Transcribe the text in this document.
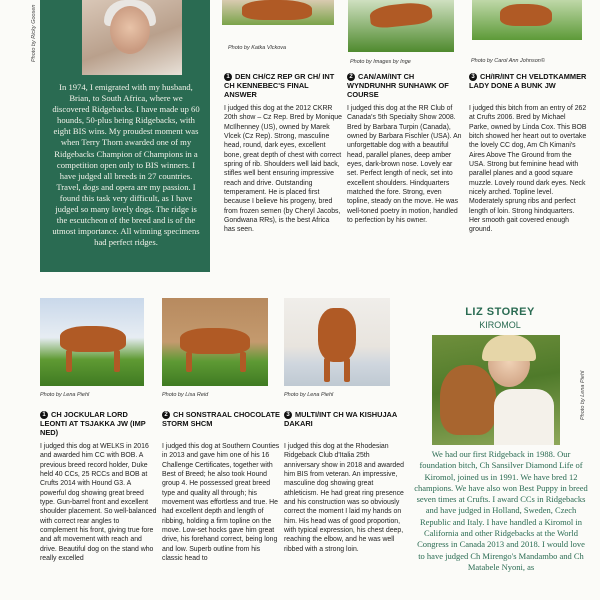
In 1974, I emigrated with my husband, Brian, to South Africa, where we discovered Ridgebacks. I have made up 60 hounds, 50-plus being Ridgebacks, with eight BIS wins. My proudest moment was when Terry Thorn awarded one of my Ridgebacks Champion of Champions in a competition open only to BIS winners. I have judged all breeds in 27 countries. Travel, dogs and opera are my passion. I found this task very difficult, as I have judged so many lovely dogs. The ridge is the escutcheon of the breed and is of the utmost importance. All winning specimens had perfect ridges.
Photo by Ricky Goosen	Photo by Katka Vlckova
1 DEN CH/CZ REP GR CH/ INT CH KENNEBEC'S FINAL ANSWER
I judged this dog at the 2012 CKRR 20th show – Cz Rep. Bred by Monique McIlhenney (US), owned by Marek Vlcek (Cz Rep). Strong, masculine head, round, dark eyes, excellent bone, great depth of chest with correct spring of rib. Shoulders well laid back, stifles well bent ensuring impressive reach and drive. Outstanding temperament. He is placed first because I believe his progeny, bred from frozen semen (by Cheryl Jacobs, Gondwana RRs), is the best Africa has seen.
Photo by Images by Inge
2 CAN/AM/INT CH WYNDRUNHR SUNHAWK OF COURSE
I judged this dog at the RR Club of Canada's 5th Specialty Show 2008. Bred by Barbara Turpin (Canada), owned by Barbara Fischler (USA). An unforgettable dog with a beautiful head, parallel planes, deep amber eyes, dark-brown nose. Lovely ear set. Perfect length of neck, set into excellent shoulders. Hindquarters matched the fore. Strong, even topline, steady on the move. He was well-toned poetry in motion, handled to perfection by his owner.
Photo by Carol Ann Johnson©
3 CH/IR/INT CH VELDTKAMMER LADY DONE A BUNK JW
I judged this bitch from an entry of 262 at Crufts 2006. Bred by Michael Parke, owned by Linda Cox. This BOB bitch showed her heart out to overtake the lovely CC dog, Am Ch Kimani's Aires Above The Ground from the USA. Strong but feminine head with parallel planes and a good square muzzle. Lovely round dark eyes. Neck nicely arched. Topline level. Moderately sprung ribs and perfect length of loin. Strong hindquarters. Her smooth gait covered enough ground.
Photo by Lena Piehl
1 CH JOCKULAR LORD LEONTI AT TSJAKKA JW (IMP NED)
I judged this dog at WELKS in 2016 and awarded him CC with BOB. A previous breed record holder, Duke held 40 CCs, 25 RCCs and BOB at Crufts 2014 with Hound G3. A powerful dog showing great breed type. Gun-barrel front and excellent shoulder placement. So well-balanced with correct rear angles to complement his front, giving true fore and aft movement with reach and drive. Beautiful dog on the stand who really excelled
Photo by Lisa Reid
2 CH SONSTRAAL CHOCOLATE STORM SHCM
I judged this dog at Southern Counties in 2013 and gave him one of his 16 Challenge Certificates, together with Best of Breed; he also took Hound group 4. He possessed great breed type and quality all through; his movement was effortless and true. He had excellent depth and length of ribbing, holding a firm topline on the move. Low-set hocks gave him great drive, his forehand correct, being long and low. Superb outline from his classic head to
Photo by Lena Piehl
3 MULTI/INT CH WA KISHUJAA DAKARI
I judged this dog at the Rhodesian Ridgeback Club d'Italia 25th anniversary show in 2018 and awarded him BIS from veteran. An impressive, masculine dog showing great athleticism. He had great ring presence and his construction was so obviously correct the moment I laid my hands on him. His head was of good proportion, with typical expression, his chest deep, reaching the elbow, and he was well ribbed with a strong loin.
LIZ STOREY
KIROMOL
We had our first Ridgeback in 1988. Our foundation bitch, Ch Sansilver Diamond Life of Kiromol, joined us in 1991. We have bred 12 champions. We have also won Best Puppy in breed seven times at Crufts. I award CCs in Ridgebacks and have judged in Holland, Sweden, Czech Republic and Italy. I have handled a Kiromol in California and other Ridgebacks at the World Congress in Canada 2013 and 2018. I would love to have judged Ch Mirengo's Mandambo and Ch Matabele Nyoni, as
Photo by Lena Piehl
